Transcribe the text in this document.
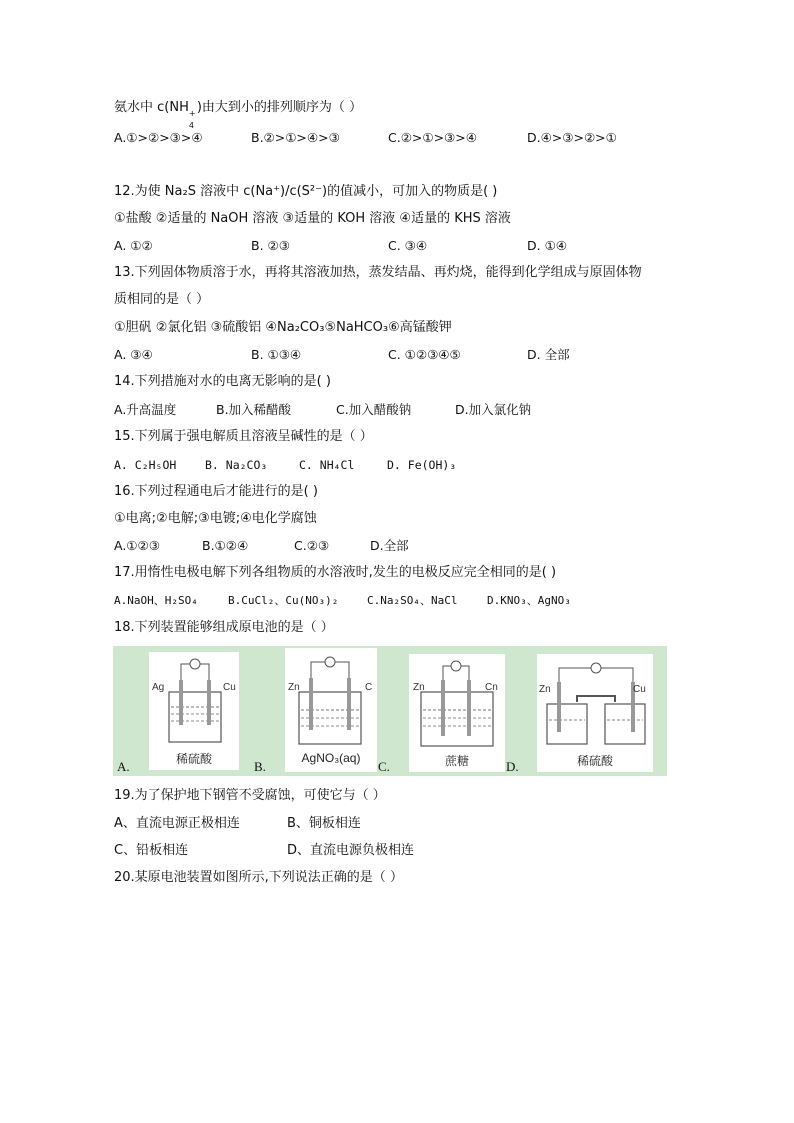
氨水中 c(NH +
4
)由大到小的排列顺序为（ ）
A.①>②>③>④	B.②>①>④>③	C.②>①>③>④	D.④>③>②>①
12.为使 Na₂S 溶液中 c(Na⁺)/c(S²⁻)的值减小，可加入的物质是( )
①盐酸 ②适量的 NaOH 溶液 ③适量的 KOH 溶液 ④适量的 KHS 溶液
A. ①②	B. ②③	C. ③④	D. ①④
13.下列固体物质溶于水，再将其溶液加热，蒸发结晶、再灼烧，能得到化学组成与原固体物
质相同的是（ ）
①胆矾 ②氯化铝 ③硫酸铝 ④Na₂CO₃⑤NaHCO₃⑥高锰酸钾
A. ③④	B. ①③④	C. ①②③④⑤	D. 全部
14.下列措施对水的电离无影响的是( )
A.升高温度	B.加入稀醋酸	C.加入醋酸钠	D.加入氯化钠
15.下列属于强电解质且溶液呈碱性的是（ ）
A. C₂H₅OH B. Na₂CO₃	C. NH₄Cl	D. Fe(OH)₃
16.下列过程通电后才能进行的是( )
①电离;②电解;③电镀;④电化学腐蚀
A.①②③	B.①②④	C.②③	D.全部
17.用惰性电极电解下列各组物质的水溶液时,发生的电极反应完全相同的是( )
A.NaOH、H₂SO₄	B.CuCl₂、Cu(NO₃)₂	C.Na₂SO₄、NaCl	D.KNO₃、AgNO₃
18.下列装置能够组成原电池的是（ ）
Ag	Cu
稀硫酸
A.
Zn	C
AgNO₃(aq)
B.
Zn	Cn
蔗糖
C.
Zn	Cu
稀硫酸
D.
19.为了保护地下钢管不受腐蚀，可使它与（ ）
A、直流电源正极相连	B、铜板相连
C、铅板相连	D、直流电源负极相连
20.某原电池装置如图所示,下列说法正确的是（ ）
